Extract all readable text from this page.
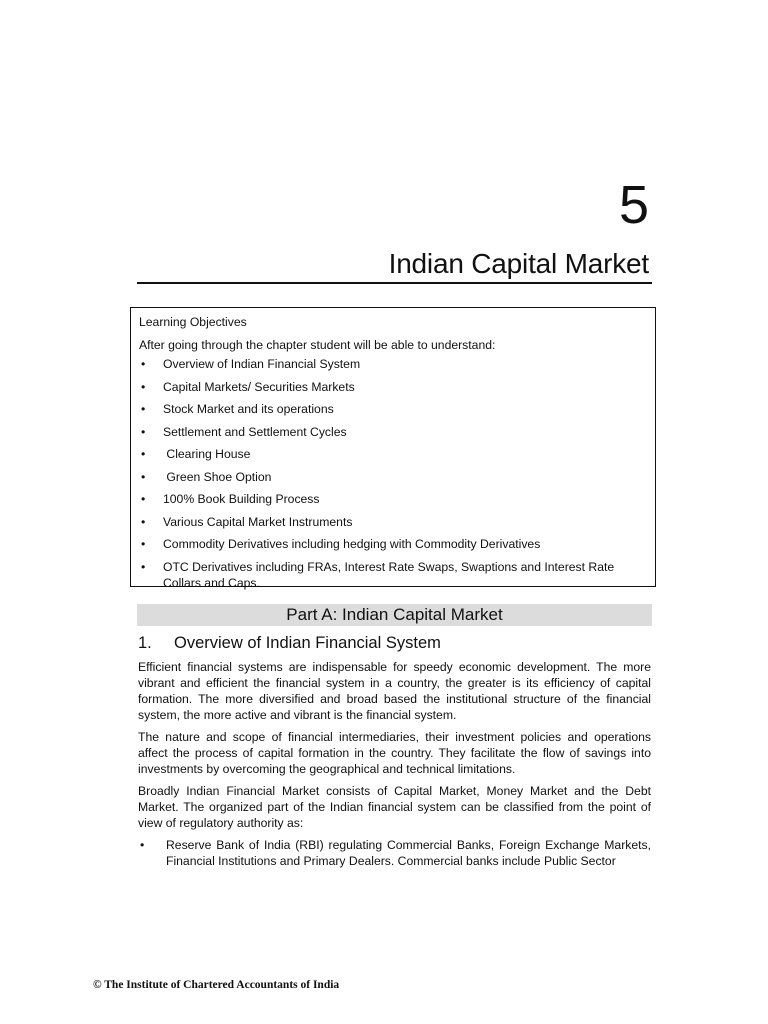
5
Indian Capital Market
Learning Objectives
After going through the chapter student will be able to understand:
• Overview of Indian Financial System
• Capital Markets/ Securities Markets
• Stock Market and its operations
• Settlement and Settlement Cycles
• Clearing House
• Green Shoe Option
• 100% Book Building Process
• Various Capital Market Instruments
• Commodity Derivatives including hedging with Commodity Derivatives
• OTC Derivatives including FRAs, Interest Rate Swaps, Swaptions and Interest Rate Collars and Caps.
Part A: Indian Capital Market
1. Overview of Indian Financial System

Efficient financial systems are indispensable for speedy economic development. The more vibrant and efficient the financial system in a country, the greater is its efficiency of capital formation. The more diversified and broad based the institutional structure of the financial system, the more active and vibrant is the financial system.

The nature and scope of financial intermediaries, their investment policies and operations affect the process of capital formation in the country. They facilitate the flow of savings into investments by overcoming the geographical and technical limitations.

Broadly Indian Financial Market consists of Capital Market, Money Market and the Debt Market. The organized part of the Indian financial system can be classified from the point of view of regulatory authority as:

• Reserve Bank of India (RBI) regulating Commercial Banks, Foreign Exchange Markets, Financial Institutions and Primary Dealers. Commercial banks include Public Sector
© The Institute of Chartered Accountants of India
